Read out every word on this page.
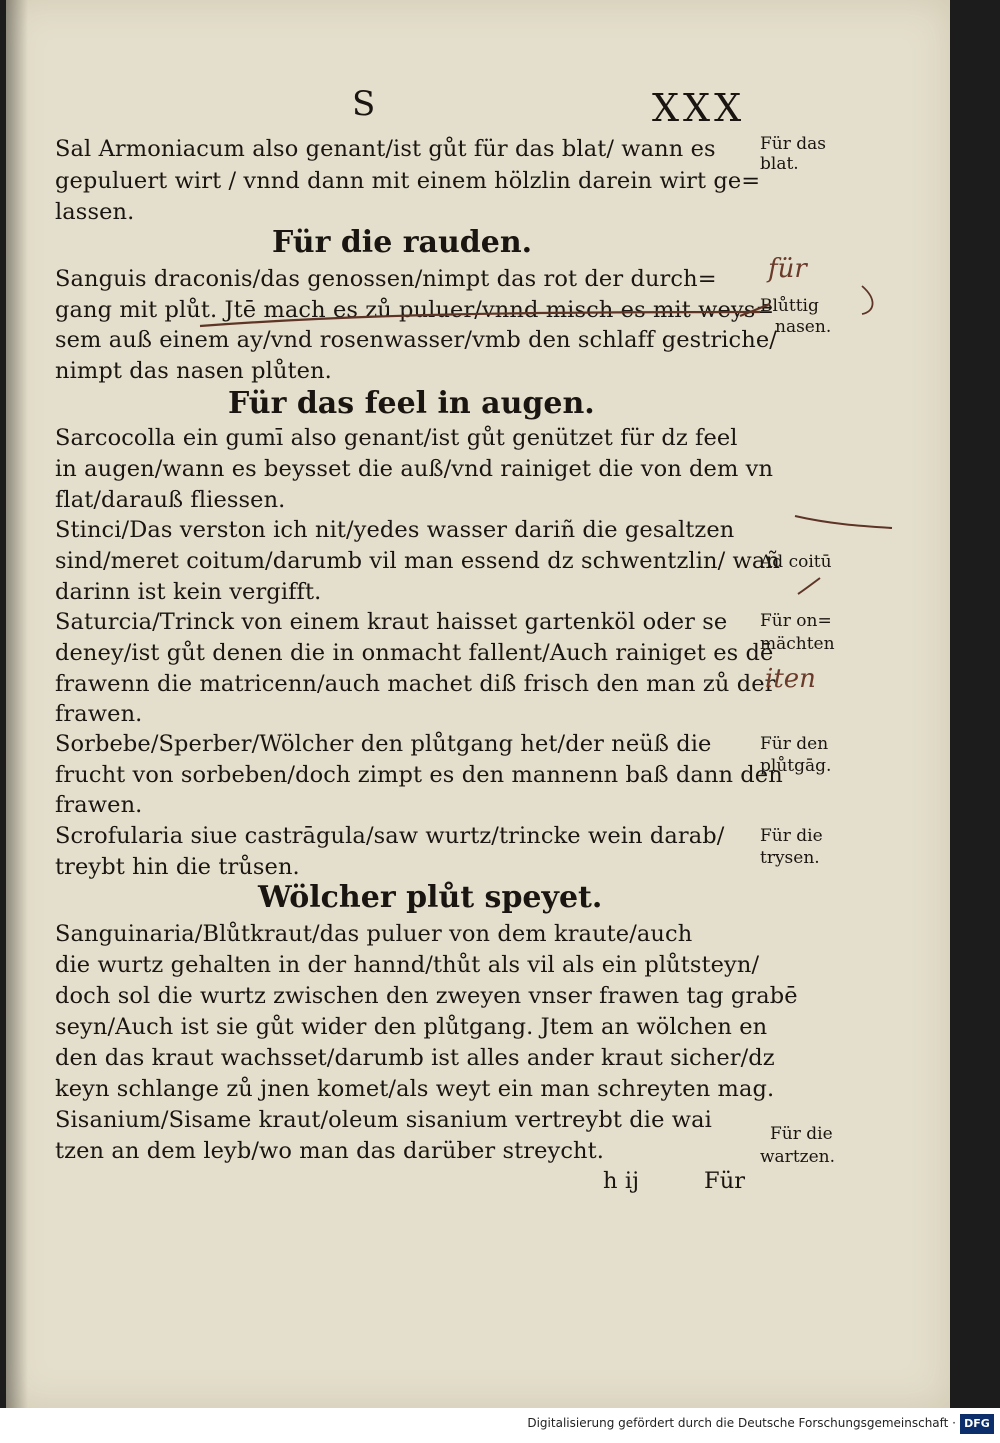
S	XXX
Sal Armoniacum also genant/ist gůt für das blat/ wann es
gepuluert wirt / vnnd dann mit einem hölzlin darein wirt ge=
lassen.
Für die rauden.
Sanguis draconis/das genossen/nimpt das rot der durch=
gang mit plůt. Jtē mach es zů puluer/vnnd misch es mit weys=
sem auß einem ay/vnd rosenwasser/vmb den schlaff gestriche/
nimpt das nasen plůten.
Für das feel in augen.
Sarcocolla ein gumī also genant/ist gůt genützet für dz feel
in augen/wann es beysset die auß/vnd rainiget die von dem vn
flat/darauß fliessen.
Stinci/Das verston ich nit/yedes wasser dariñ die gesaltzen
sind/meret coitum/darumb vil man essend dz schwentzlin/ wañ
darinn ist kein vergifft.
Saturcia/Trinck von einem kraut haisset gartenköl oder se
deney/ist gůt denen die in onmacht fallent/Auch rainiget es dē
frawenn die matricenn/auch machet diß frisch den man zů der
frawen.
Sorbebe/Sperber/Wölcher den plůtgang het/der neüß die
frucht von sorbeben/doch zimpt es den mannenn baß dann den
frawen.
Scrofularia siue castrāgula/saw wurtz/trincke wein darab/
treybt hin die trůsen.
Wölcher plůt speyet.
Sanguinaria/Blůtkraut/das puluer von dem kraute/auch
die wurtz gehalten in der hannd/thůt als vil als ein plůtsteyn/
doch sol die wurtz zwischen den zweyen vnser frawen tag grabē
seyn/Auch ist sie gůt wider den plůtgang. Jtem an wölchen en
den das kraut wachsset/darumb ist alles ander kraut sicher/dz
keyn schlange zů jnen komet/als weyt ein man schreyten mag.
Sisanium/Sisame kraut/oleum sisanium vertreybt die wai
tzen an dem leyb/wo man das darüber streycht.
h ij	Für
Für das
blat.
Blůttig
nasen.
Ad coitū
Für on=
mächten
Für den
plůtgāg.
Für die
trysen.
Für die
wartzen.
für
iten
Digitalisierung gefördert durch die Deutsche Forschungsgemeinschaft · DFG
